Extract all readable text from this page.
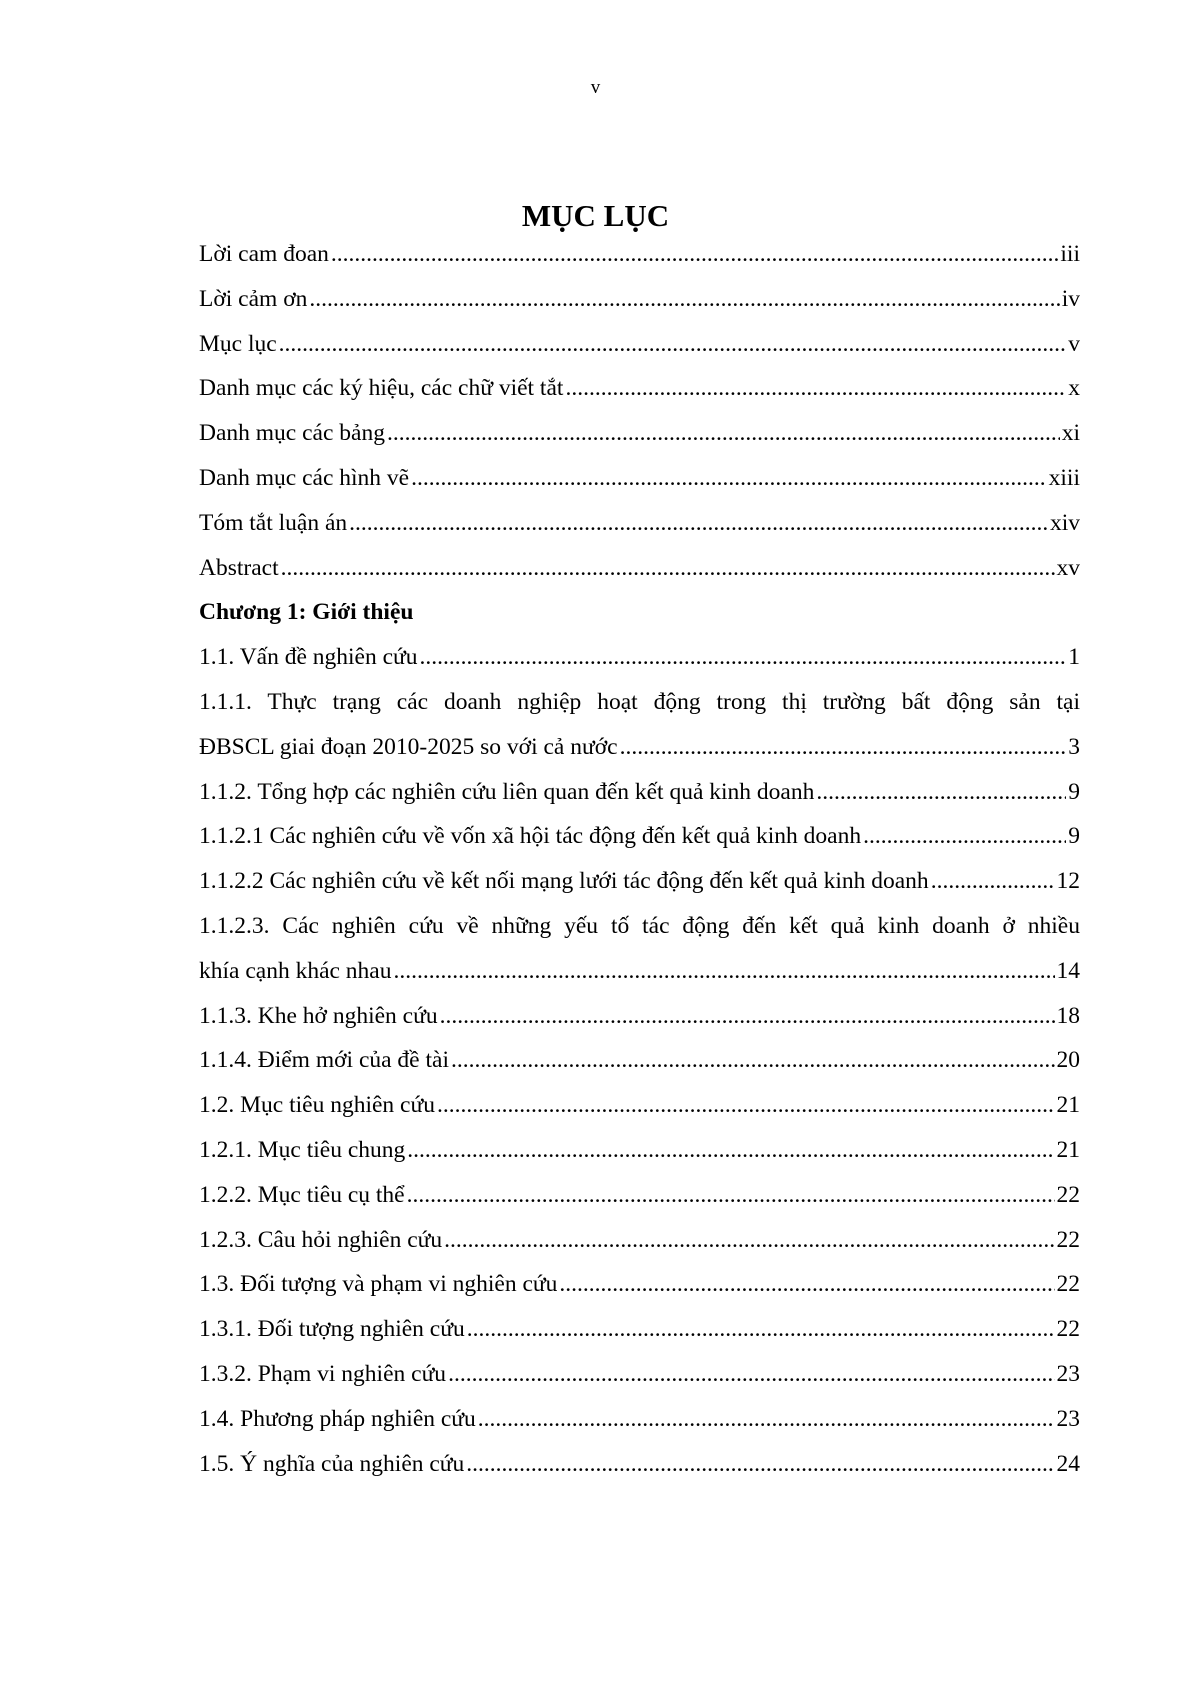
v
MỤC LỤC
Lời cam đoan .....	iii
Lời cảm ơn .....	iv
Mục lục .....	v
Danh mục các ký hiệu, các chữ viết tắt .....	x
Danh mục các bảng .....	xi
Danh mục các hình vẽ .....	xiii
Tóm tắt luận án .....	xiv
Abstract .....	xv
Chương 1: Giới thiệu
1.1. Vấn đề nghiên cứu .....	1
1.1.1. Thực trạng các doanh nghiệp hoạt động trong thị trường bất động sản tại
ĐBSCL giai đoạn 2010-2025 so với cả nước .....	3
1.1.2. Tổng hợp các nghiên cứu liên quan đến kết quả kinh doanh .....	9
1.1.2.1 Các nghiên cứu về vốn xã hội tác động đến kết quả kinh doanh .....	9
1.1.2.2 Các nghiên cứu về kết nối mạng lưới tác động đến kết quả kinh doanh .....	12
1.1.2.3. Các nghiên cứu về những yếu tố tác động đến kết quả kinh doanh ở nhiều
khía cạnh khác nhau .....	14
1.1.3. Khe hở nghiên cứu .....	18
1.1.4. Điểm mới của đề tài .....	20
1.2. Mục tiêu nghiên cứu .....	21
1.2.1. Mục tiêu chung .....	21
1.2.2. Mục tiêu cụ thể .....	22
1.2.3. Câu hỏi nghiên cứu .....	22
1.3. Đối tượng và phạm vi nghiên cứu .....	22
1.3.1. Đối tượng nghiên cứu .....	22
1.3.2. Phạm vi nghiên cứu .....	23
1.4. Phương pháp nghiên cứu .....	23
1.5. Ý nghĩa của nghiên cứu .....	24
